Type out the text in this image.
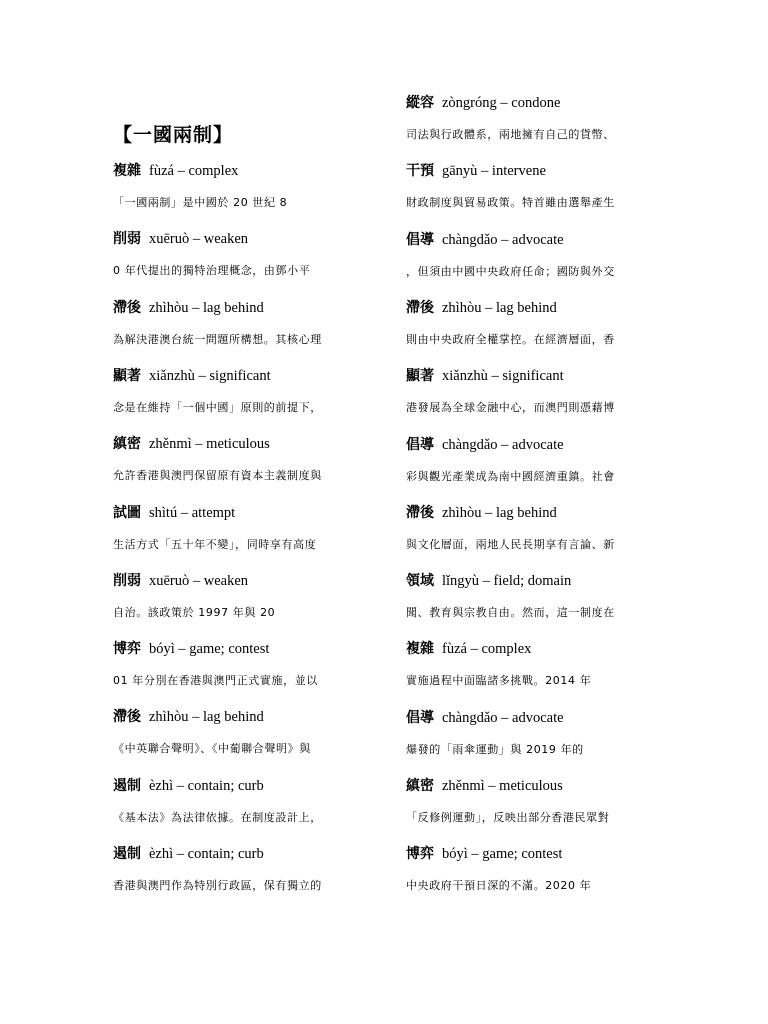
【一國兩制】
複雜 fùzá – complex
「一國兩制」是中國於 20 世紀 8
削弱 xuēruò – weaken
0 年代提出的獨特治理概念，由鄧小平
滯後 zhìhòu – lag behind
為解決港澳台統一問題所構想。其核心理
顯著 xiǎnzhù – significant
念是在維持「一個中國」原則的前提下，
縝密 zhěnmì – meticulous
允許香港與澳門保留原有資本主義制度與
試圖 shìtú – attempt
生活方式「五十年不變」，同時享有高度
削弱 xuēruò – weaken
自治。該政策於 1997 年與 20
博弈 bóyì – game; contest
01 年分別在香港與澳門正式實施，並以
滯後 zhìhòu – lag behind
《中英聯合聲明》、《中葡聯合聲明》與
遏制 èzhì – contain; curb
《基本法》為法律依據。在制度設計上，
遏制 èzhì – contain; curb
香港與澳門作為特別行政區，保有獨立的
縱容 zòngróng – condone
司法與行政體系，兩地擁有自己的貨幣、
干預 gānyù – intervene
財政制度與貿易政策。特首雖由選舉產生
倡導 chàngdǎo – advocate
，但須由中國中央政府任命；國防與外交
滯後 zhìhòu – lag behind
則由中央政府全權掌控。在經濟層面，香
顯著 xiǎnzhù – significant
港發展為全球金融中心，而澳門則憑藉博
倡導 chàngdǎo – advocate
彩與觀光產業成為南中國經濟重鎮。社會
滯後 zhìhòu – lag behind
與文化層面，兩地人民長期享有言論、新
領域 lǐngyù – field; domain
聞、教育與宗教自由。然而，這一制度在
複雜 fùzá – complex
實施過程中面臨諸多挑戰。2014 年
倡導 chàngdǎo – advocate
爆發的「雨傘運動」與 2019 年的
縝密 zhěnmì – meticulous
「反修例運動」，反映出部分香港民眾對
博弈 bóyì – game; contest
中央政府干預日深的不滿。2020 年
